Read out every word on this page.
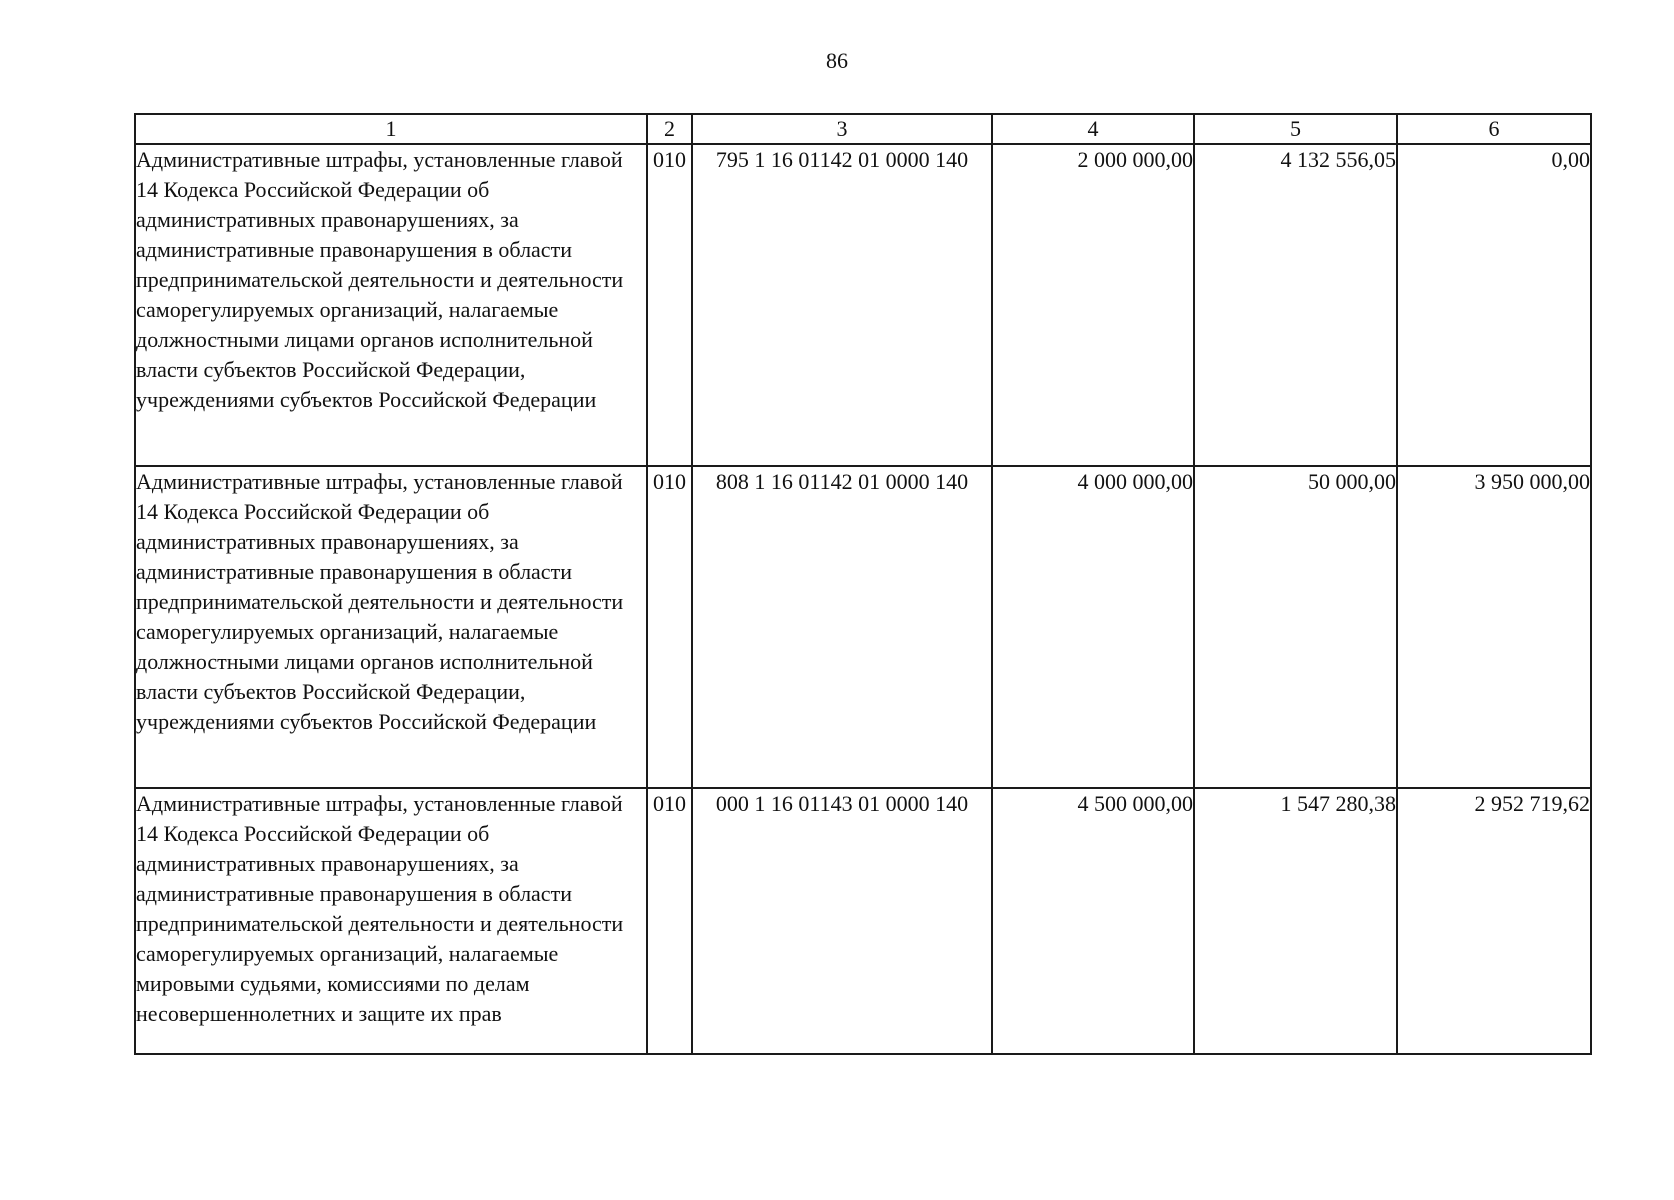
86
1	2	3	4	5	6
Административные штрафы, установленные главой 14 Кодекса Российской Федерации об административных правонарушениях, за административные правонарушения в области предпринимательской деятельности и деятельности саморегулируемых организаций, налагаемые должностными лицами органов исполнительной власти субъектов Российской Федерации, учреждениями субъектов Российской Федерации	010	795 1 16 01142 01 0000 140	2 000 000,00	4 132 556,05	0,00
Административные штрафы, установленные главой 14 Кодекса Российской Федерации об административных правонарушениях, за административные правонарушения в области предпринимательской деятельности и деятельности саморегулируемых организаций, налагаемые должностными лицами органов исполнительной власти субъектов Российской Федерации, учреждениями субъектов Российской Федерации	010	808 1 16 01142 01 0000 140	4 000 000,00	50 000,00	3 950 000,00
Административные штрафы, установленные главой 14 Кодекса Российской Федерации об административных правонарушениях, за административные правонарушения в области предпринимательской деятельности и деятельности саморегулируемых организаций, налагаемые мировыми судьями, комиссиями по делам несовершеннолетних и защите их прав	010	000 1 16 01143 01 0000 140	4 500 000,00	1 547 280,38	2 952 719,62
